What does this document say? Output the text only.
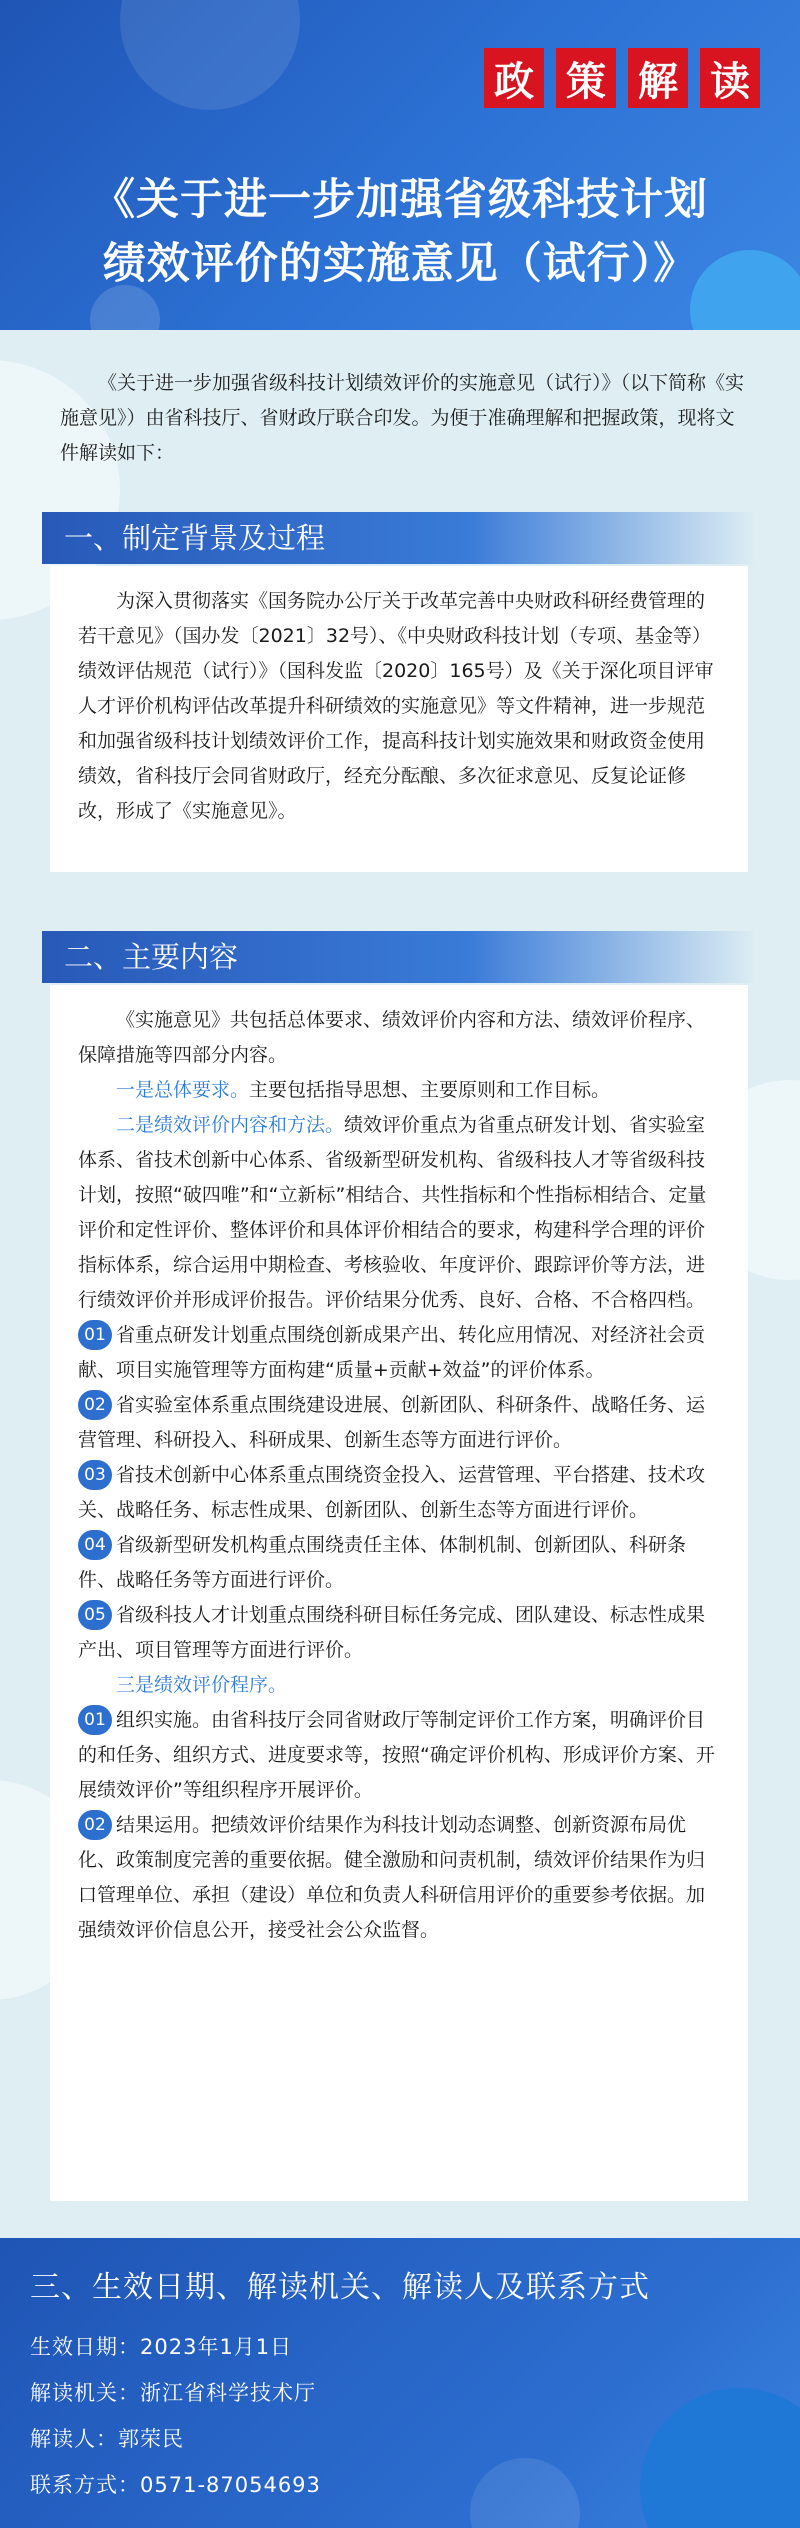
政 策 解 读
《关于进一步加强省级科技计划
绩效评价的实施意见（试行）》

《关于进一步加强省级科技计划绩效评价的实施意见（试行）》（以下简称《实施意见》）由省科技厅、省财政厅联合印发。为便于准确理解和把握政策，现将文件解读如下：

一、制定背景及过程

为深入贯彻落实《国务院办公厅关于改革完善中央财政科研经费管理的若干意见》（国办发〔2021〕32号）、《中央财政科技计划（专项、基金等）绩效评估规范（试行）》（国科发监〔2020〕165号）及《关于深化项目评审人才评价机构评估改革提升科研绩效的实施意见》等文件精神，进一步规范和加强省级科技计划绩效评价工作，提高科技计划实施效果和财政资金使用绩效，省科技厅会同省财政厅，经充分酝酿、多次征求意见、反复论证修改，形成了《实施意见》。

二、主要内容

《实施意见》共包括总体要求、绩效评价内容和方法、绩效评价程序、保障措施等四部分内容。

一是总体要求。主要包括指导思想、主要原则和工作目标。

二是绩效评价内容和方法。绩效评价重点为省重点研发计划、省实验室体系、省技术创新中心体系、省级新型研发机构、省级科技人才等省级科技计划，按照“破四唯”和“立新标”相结合、共性指标和个性指标相结合、定量评价和定性评价、整体评价和具体评价相结合的要求，构建科学合理的评价指标体系，综合运用中期检查、考核验收、年度评价、跟踪评价等方法，进行绩效评价并形成评价报告。评价结果分优秀、良好、合格、不合格四档。

01 省重点研发计划重点围绕创新成果产出、转化应用情况、对经济社会贡献、项目实施管理等方面构建“质量+贡献+效益”的评价体系。

02 省实验室体系重点围绕建设进展、创新团队、科研条件、战略任务、运营管理、科研投入、科研成果、创新生态等方面进行评价。

03 省技术创新中心体系重点围绕资金投入、运营管理、平台搭建、技术攻关、战略任务、标志性成果、创新团队、创新生态等方面进行评价。

04 省级新型研发机构重点围绕责任主体、体制机制、创新团队、科研条件、战略任务等方面进行评价。

05 省级科技人才计划重点围绕科研目标任务完成、团队建设、标志性成果产出、项目管理等方面进行评价。

三是绩效评价程序。

01 组织实施。由省科技厅会同省财政厅等制定评价工作方案，明确评价目的和任务、组织方式、进度要求等，按照“确定评价机构、形成评价方案、开展绩效评价”等组织程序开展评价。

02 结果运用。把绩效评价结果作为科技计划动态调整、创新资源布局优化、政策制度完善的重要依据。健全激励和问责机制，绩效评价结果作为归口管理单位、承担（建设）单位和负责人科研信用评价的重要参考依据。加强绩效评价信息公开，接受社会公众监督。

三、生效日期、解读机关、解读人及联系方式
生效日期：2023年1月1日
解读机关：浙江省科学技术厅
解读人：郭荣民
联系方式：0571-87054693
